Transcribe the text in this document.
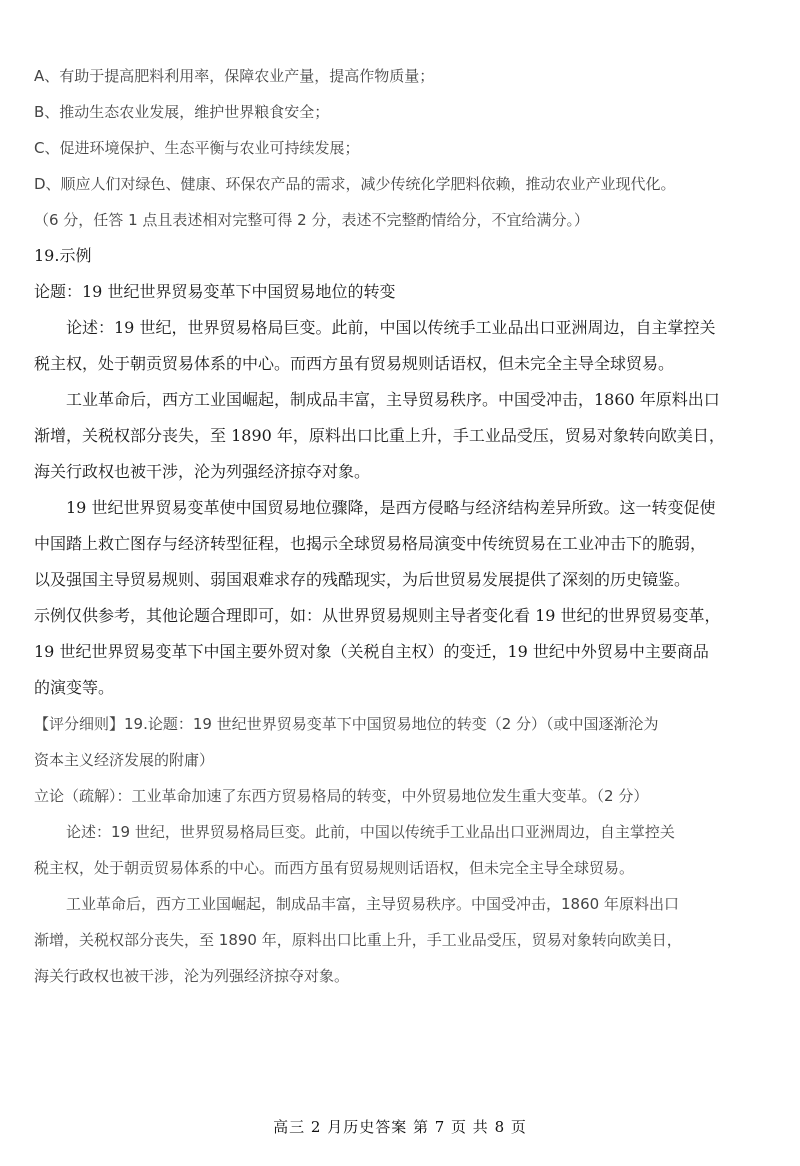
A、有助于提高肥料利用率，保障农业产量，提高作物质量；
B、推动生态农业发展，维护世界粮食安全；
C、促进环境保护、生态平衡与农业可持续发展；
D、顺应人们对绿色、健康、环保农产品的需求，减少传统化学肥料依赖，推动农业产业现代化。
（6 分，任答 1 点且表述相对完整可得 2 分，表述不完整酌情给分，不宜给满分。）
19.示例
论题：19 世纪世界贸易变革下中国贸易地位的转变
论述：19 世纪，世界贸易格局巨变。此前，中国以传统手工业品出口亚洲周边，自主掌控关
税主权，处于朝贡贸易体系的中心。而西方虽有贸易规则话语权，但未完全主导全球贸易。
工业革命后，西方工业国崛起，制成品丰富，主导贸易秩序。中国受冲击，1860 年原料出口
渐增，关税权部分丧失，至 1890 年，原料出口比重上升，手工业品受压，贸易对象转向欧美日，
海关行政权也被干涉，沦为列强经济掠夺对象。
19 世纪世界贸易变革使中国贸易地位骤降，是西方侵略与经济结构差异所致。这一转变促使
中国踏上救亡图存与经济转型征程，也揭示全球贸易格局演变中传统贸易在工业冲击下的脆弱，
以及强国主导贸易规则、弱国艰难求存的残酷现实，为后世贸易发展提供了深刻的历史镜鉴。
示例仅供参考，其他论题合理即可，如：从世界贸易规则主导者变化看 19 世纪的世界贸易变革，
19 世纪世界贸易变革下中国主要外贸对象（关税自主权）的变迁，19 世纪中外贸易中主要商品
的演变等。
【评分细则】19.论题：19 世纪世界贸易变革下中国贸易地位的转变（2 分）（或中国逐渐沦为
资本主义经济发展的附庸）
立论（疏解）：工业革命加速了东西方贸易格局的转变，中外贸易地位发生重大变革。（2 分）
论述：19 世纪，世界贸易格局巨变。此前，中国以传统手工业品出口亚洲周边，自主掌控关
税主权，处于朝贡贸易体系的中心。而西方虽有贸易规则话语权，但未完全主导全球贸易。
工业革命后，西方工业国崛起，制成品丰富，主导贸易秩序。中国受冲击，1860 年原料出口
渐增，关税权部分丧失，至 1890 年，原料出口比重上升，手工业品受压，贸易对象转向欧美日，
海关行政权也被干涉，沦为列强经济掠夺对象。
高三 2 月历史答案 第 7 页 共 8 页
